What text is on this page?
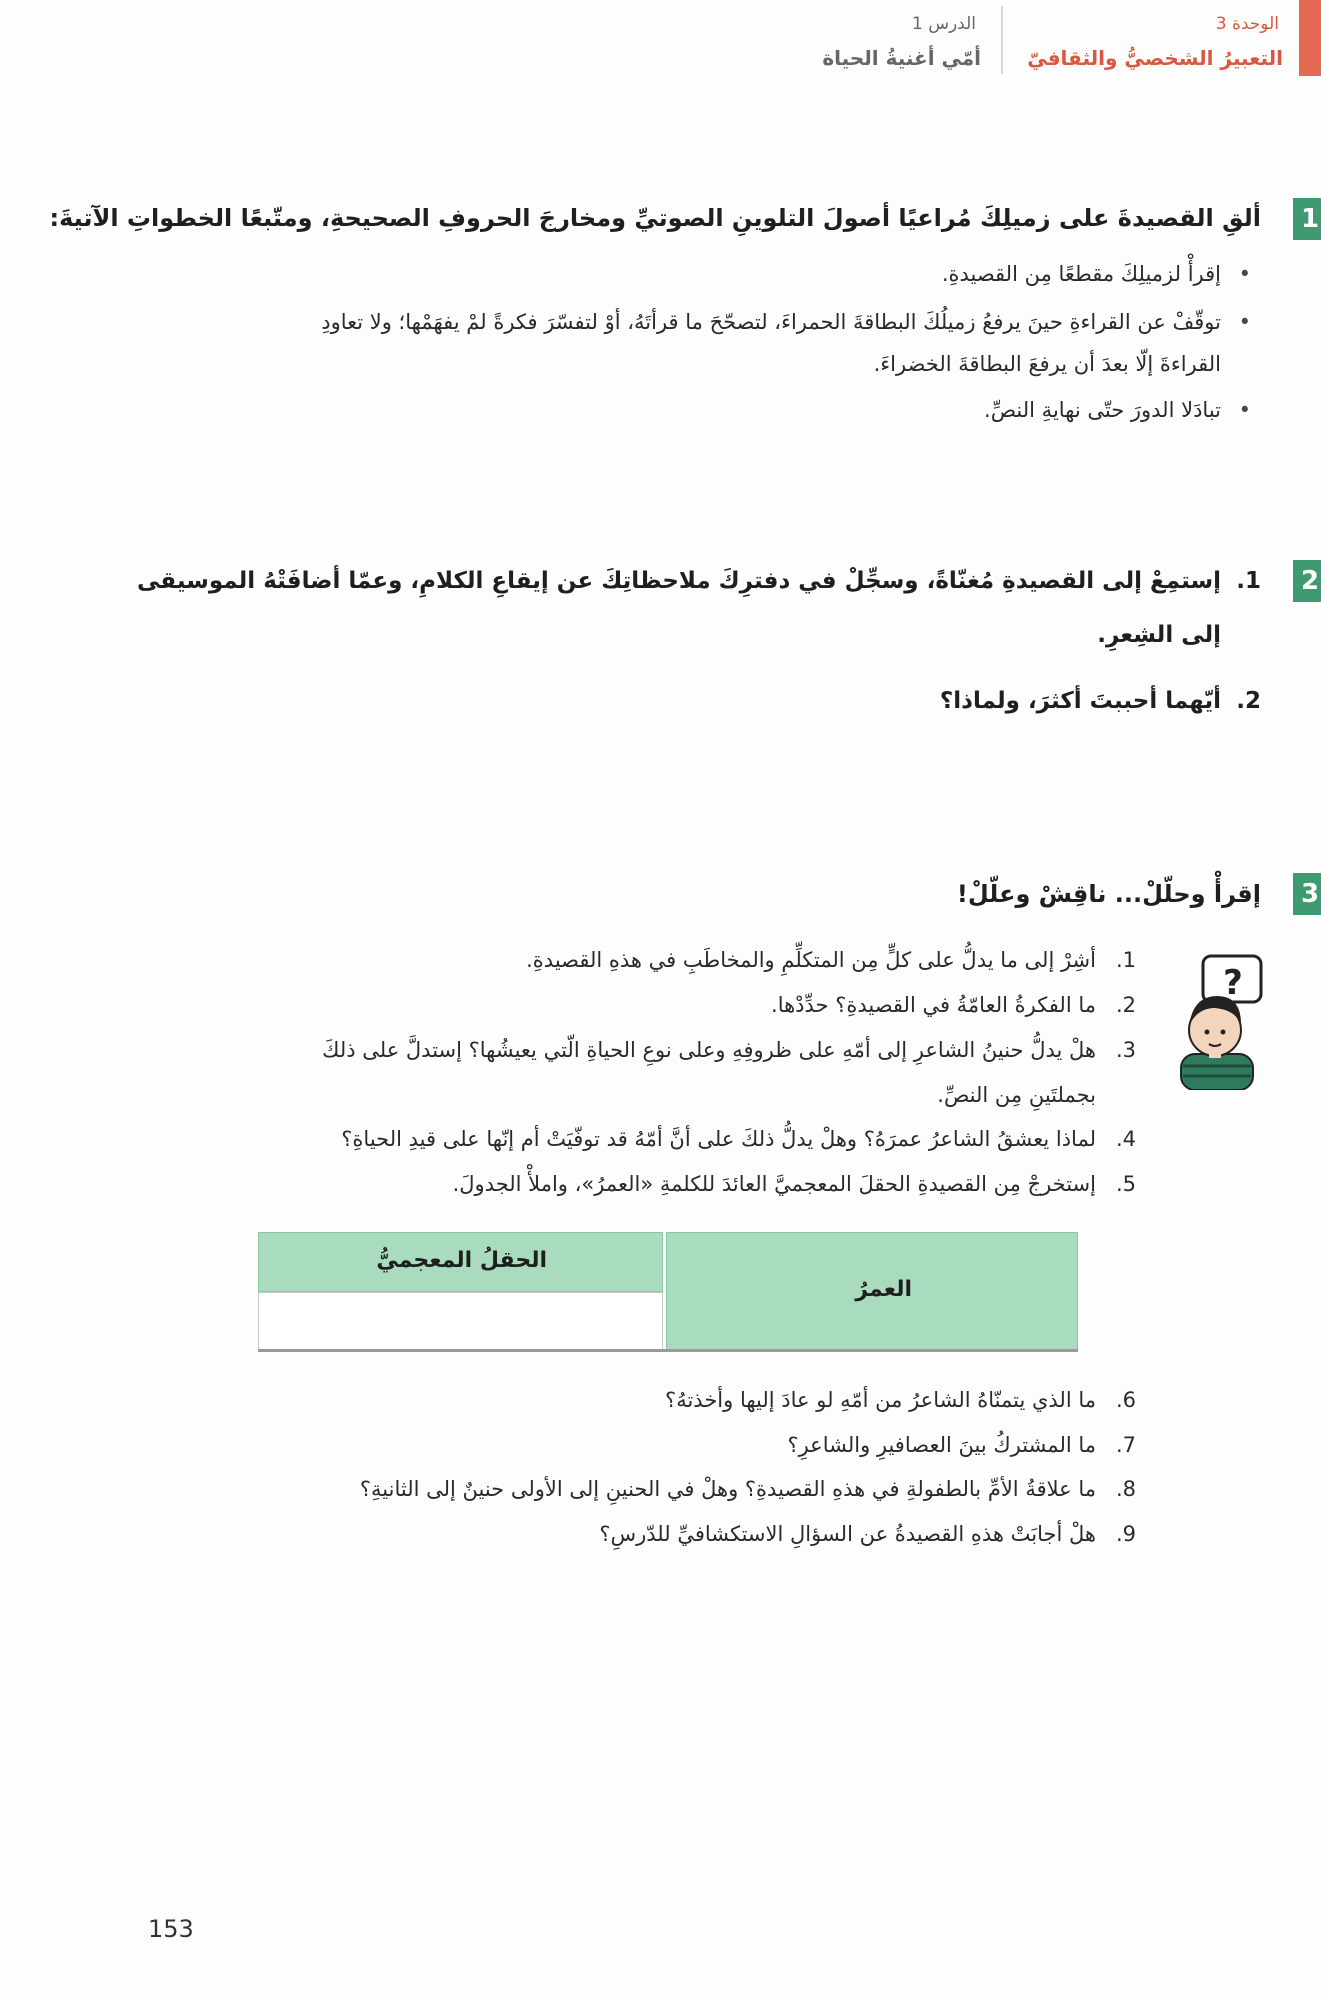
الوحدة 3
التعبيرُ الشخصيُّ والثقافيّ
الدرس 1
أمّي أغنيةُ الحياة
1
ألقِ القصيدةَ على زميلِكَ مُراعيًا أصولَ التلوينِ الصوتيِّ ومخارجَ الحروفِ الصحيحةِ، ومتّبعًا الخطواتِ الآتيةَ:
• إقرأْ لزميلِكَ مقطعًا مِن القصيدةِ.
• توقّفْ عن القراءةِ حينَ يرفعُ زميلُكَ البطاقةَ الحمراءَ، لتصحّحَ ما قرأتَهُ، أوْ لتفسّرَ فكرةً لمْ يفهَمْها؛ ولا تعاودِ
القراءةَ إلّا بعدَ أن يرفعَ البطاقةَ الخضراءَ.
• تبادَلا الدورَ حتّى نهايةِ النصِّ.
2
1.
إستمِعْ إلى القصيدةِ مُغنّاةً، وسجِّلْ في دفترِكَ ملاحظاتِكَ عن إيقاعِ الكلامِ، وعمّا أضافَتْهُ الموسيقى
إلى الشِعرِ.
2.
أيّهما أحببتَ أكثرَ، ولماذا؟
3
إقرأْ وحلّلْ... ناقِشْ وعلّلْ!
?
1.
أشِرْ إلى ما يدلُّ على كلٍّ مِن المتكلِّمِ والمخاطَبِ في هذهِ القصيدةِ.
2.
ما الفكرةُ العامّةُ في القصيدةِ؟ حدِّدْها.
3.
هلْ يدلُّ حنينُ الشاعرِ إلى أمّهِ على ظروفِهِ وعلى نوعِ الحياةِ الّتي يعيشُها؟ إستدلَّ على ذلكَ
بجملتَينِ مِن النصِّ.
4.
لماذا يعشقُ الشاعرُ عمرَهُ؟ وهلْ يدلُّ ذلكَ على أنَّ أمّهُ قد توفّيَتْ أم إنّها على قيدِ الحياةِ؟
5.
إستخرجْ مِن القصيدةِ الحقلَ المعجميَّ العائدَ للكلمةِ «العمرُ»، واملأْ الجدولَ.
العمرُ
الحقلُ المعجميُّ
6.
ما الذي يتمنّاهُ الشاعرُ من أمّهِ لو عادَ إليها وأخذتهُ؟
7.
ما المشتركُ بينَ العصافيرِ والشاعرِ؟
8.
ما علاقةُ الأمِّ بالطفولةِ في هذهِ القصيدةِ؟ وهلْ في الحنينِ إلى الأولى حنينٌ إلى الثانيةِ؟
9.
هلْ أجابَتْ هذهِ القصيدةُ عن السؤالِ الاستكشافيِّ للدّرسِ؟
153
